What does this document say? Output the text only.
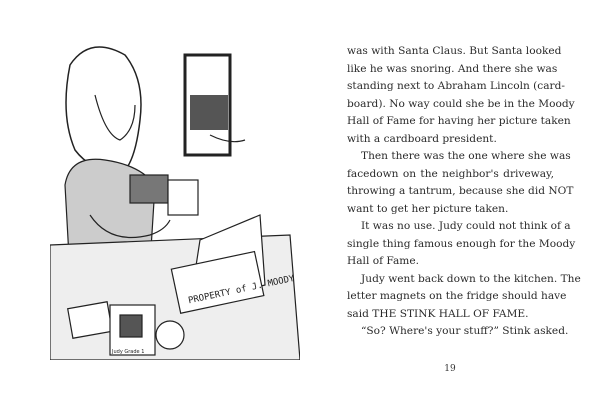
PROPERTY of J. MOODY
Judy Grade 1
was with Santa Claus. But Santa looked
like he was snoring. And there she was
standing next to Abraham Lincoln (card-
board). No way could she be in the Moody
Hall of Fame for having her picture taken
with a cardboard president.
Then there was the one where she was
facedown on the neighbor's driveway,
throwing a tantrum, because she did NOT
want to get her picture taken.
It was no use. Judy could not think of a
single thing famous enough for the Moody
Hall of Fame.
Judy went back down to the kitchen. The
letter magnets on the fridge should have
said THE STINK HALL OF FAME.
“So? Where's your stuff?” Stink asked.
19
